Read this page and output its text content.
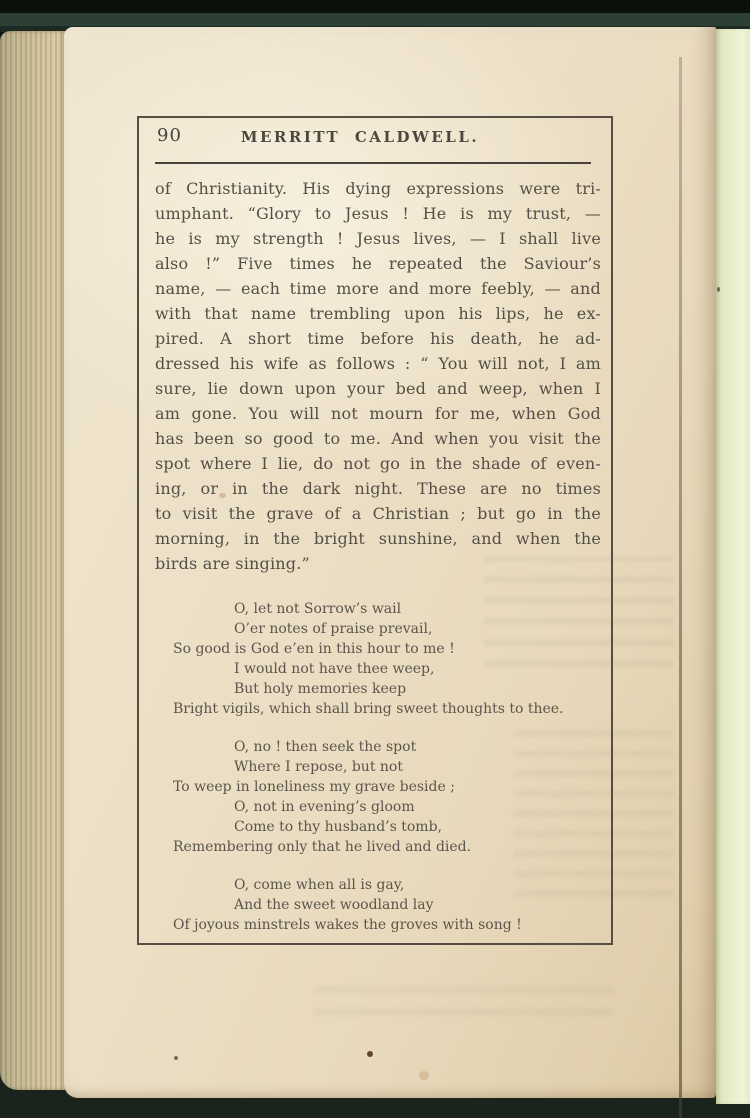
90	MERRITT CALDWELL.
of Christianity. His dying expressions were tri-
umphant. “Glory to Jesus ! He is my trust, —
he is my strength ! Jesus lives, — I shall live
also !” Five times he repeated the Saviour’s
name, — each time more and more feebly, — and
with that name trembling upon his lips, he ex-
pired. A short time before his death, he ad-
dressed his wife as follows : “ You will not, I am
sure, lie down upon your bed and weep, when I
am gone. You will not mourn for me, when God
has been so good to me. And when you visit the
spot where I lie, do not go in the shade of even-
ing, or in the dark night. These are no times
to visit the grave of a Christian ; but go in the
morning, in the bright sunshine, and when the
birds are singing.”
O, let not Sorrow’s wail
O’er notes of praise prevail,
So good is God e’en in this hour to me !
I would not have thee weep,
But holy memories keep
Bright vigils, which shall bring sweet thoughts to thee.
O, no ! then seek the spot
Where I repose, but not
To weep in loneliness my grave beside ;
O, not in evening’s gloom
Come to thy husband’s tomb,
Remembering only that he lived and died.
O, come when all is gay,
And the sweet woodland lay
Of joyous minstrels wakes the groves with song !
